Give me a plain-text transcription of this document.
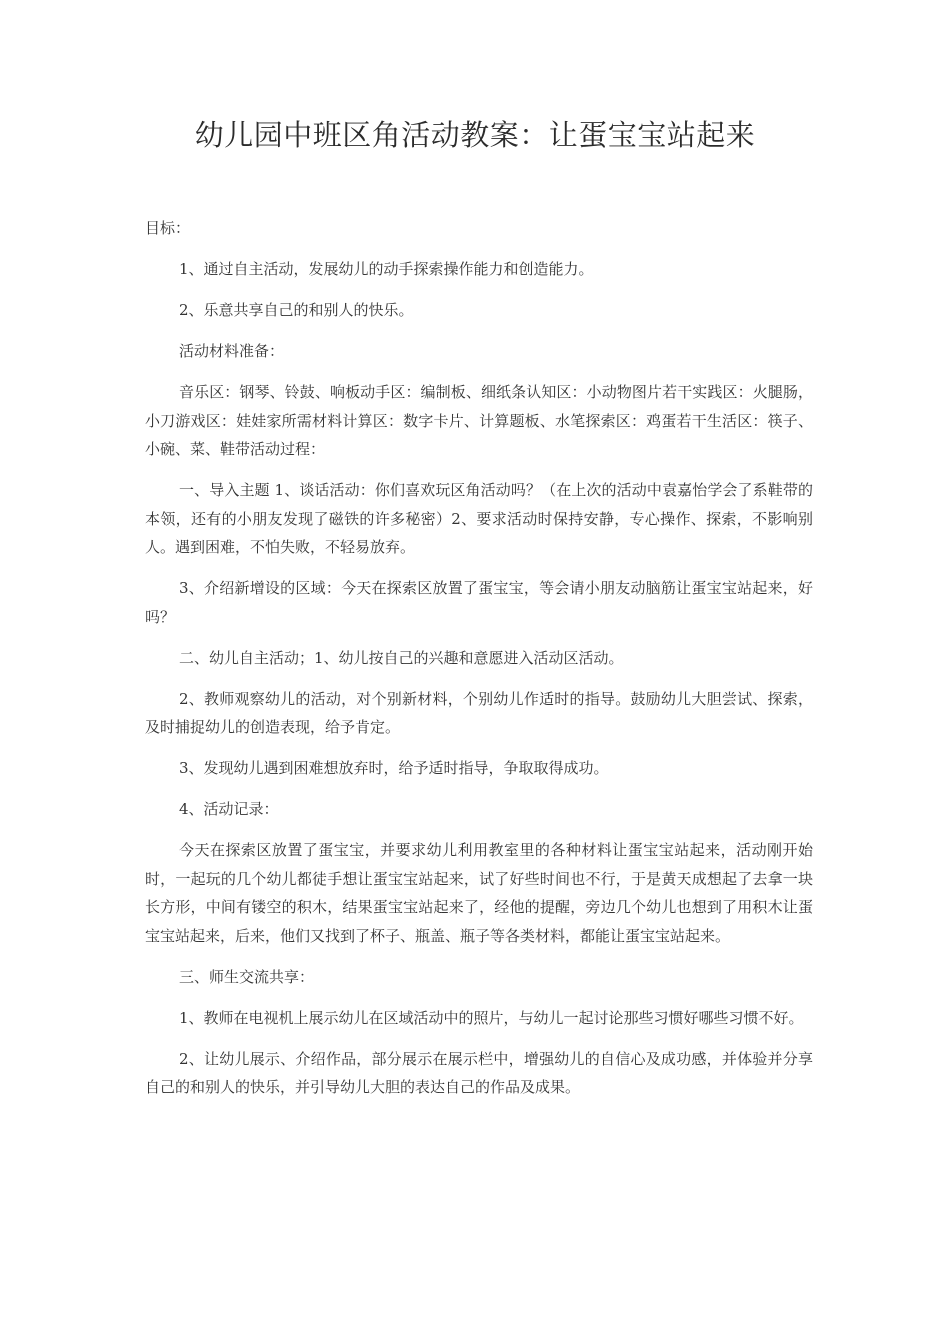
幼儿园中班区角活动教案：让蛋宝宝站起来

目标：

1、通过自主活动，发展幼儿的动手探索操作能力和创造能力。

2、乐意共享自己的和别人的快乐。

活动材料准备：

音乐区：钢琴、铃鼓、响板动手区：编制板、细纸条认知区：小动物图片若干实践区：火腿肠，小刀游戏区：娃娃家所需材料计算区：数字卡片、计算题板、水笔探索区：鸡蛋若干生活区：筷子、小碗、菜、鞋带活动过程：

一、导入主题 1、谈话活动：你们喜欢玩区角活动吗？（在上次的活动中袁嘉怡学会了系鞋带的本领，还有的小朋友发现了磁铁的许多秘密）2、要求活动时保持安静，专心操作、探索，不影响别人。遇到困难，不怕失败，不轻易放弃。

3、介绍新增设的区域：今天在探索区放置了蛋宝宝，等会请小朋友动脑筋让蛋宝宝站起来，好吗？

二、幼儿自主活动；1、幼儿按自己的兴趣和意愿进入活动区活动。

2、教师观察幼儿的活动，对个别新材料，个别幼儿作适时的指导。鼓励幼儿大胆尝试、探索，及时捕捉幼儿的创造表现，给予肯定。

3、发现幼儿遇到困难想放弃时，给予适时指导，争取取得成功。

4、活动记录：

今天在探索区放置了蛋宝宝，并要求幼儿利用教室里的各种材料让蛋宝宝站起来，活动刚开始时，一起玩的几个幼儿都徒手想让蛋宝宝站起来，试了好些时间也不行，于是黄天成想起了去拿一块长方形，中间有镂空的积木，结果蛋宝宝站起来了，经他的提醒，旁边几个幼儿也想到了用积木让蛋宝宝站起来，后来，他们又找到了杯子、瓶盖、瓶子等各类材料，都能让蛋宝宝站起来。

三、师生交流共享：

1、教师在电视机上展示幼儿在区域活动中的照片，与幼儿一起讨论那些习惯好哪些习惯不好。

2、让幼儿展示、介绍作品，部分展示在展示栏中，增强幼儿的自信心及成功感，并体验并分享自己的和别人的快乐，并引导幼儿大胆的表达自己的作品及成果。
